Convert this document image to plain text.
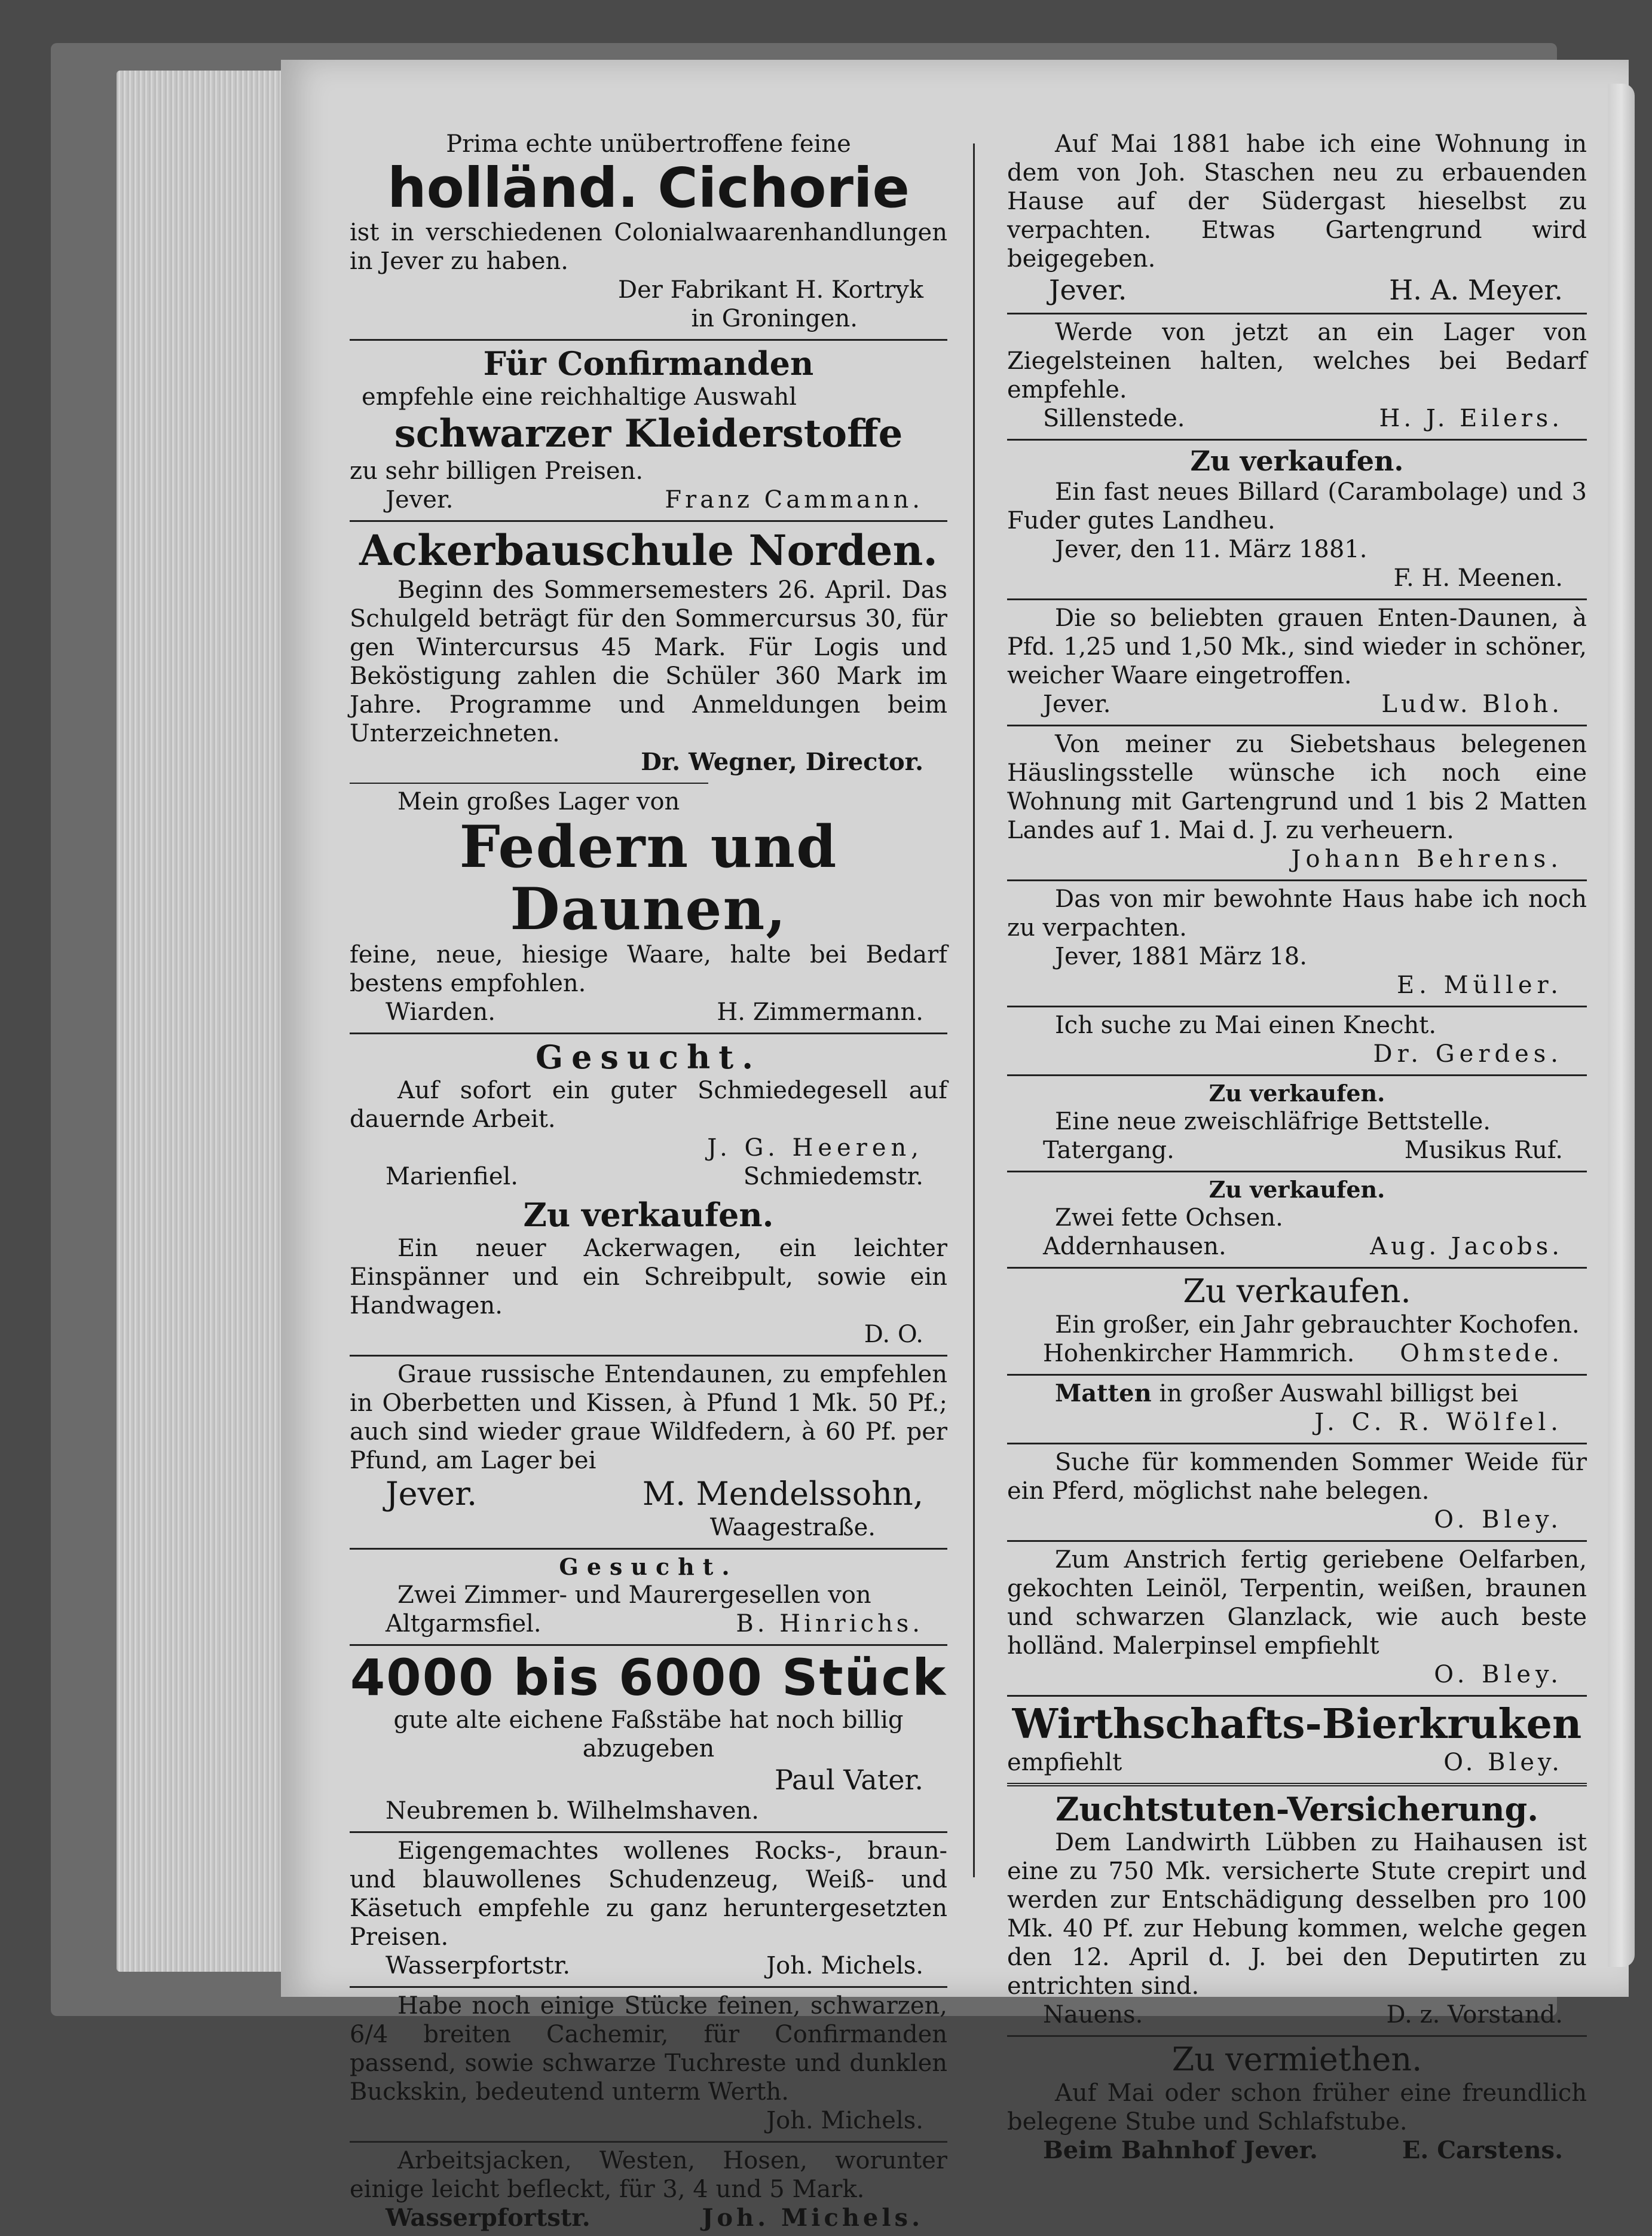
Prima echte unübertroffene feine

holländ. Cichorie

ist in verschiedenen Colonialwaarenhandlungen in Jever zu haben.

Der Fabrikant H. Kortryk

in Groningen.

Für Confirmanden

empfehle eine reichhaltige Auswahl

schwarzer Kleiderstoffe

zu sehr billigen Preisen.

Jever.	Franz Cammann.

Ackerbauschule Norden.

Beginn des Sommersemesters 26. April. Das Schulgeld beträgt für den Sommercursus 30, für gen Wintercursus 45 Mark. Für Logis und Beköstigung zahlen die Schüler 360 Mark im Jahre. Programme und Anmeldungen beim Unterzeichneten.

Dr. Wegner, Director.

Mein großes Lager von

Federn und Daunen,

feine, neue, hiesige Waare, halte bei Bedarf bestens empfohlen.

Wiarden.	H. Zimmermann.

Gesucht.

Auf sofort ein guter Schmiedegesell auf dauernde Arbeit.

J. G. Heeren,

Marienfiel.	Schmiedemstr.

Zu verkaufen.

Ein neuer Ackerwagen, ein leichter Einspänner und ein Schreibpult, sowie ein Handwagen.

D. O.

Graue russische Entendaunen, zu empfehlen in Oberbetten und Kissen, à Pfund 1 Mk. 50 Pf.; auch sind wieder graue Wildfedern, à 60 Pf. per Pfund, am Lager bei

Jever.	M. Mendelssohn,

Waagestraße.

Gesucht.

Zwei Zimmer- und Maurergesellen von

Altgarmsfiel.	B. Hinrichs.

4000 bis 6000 Stück

gute alte eichene Faßstäbe hat noch billig abzugeben

Paul Vater.

Neubremen b. Wilhelmshaven.

Eigengemachtes wollenes Rocks-, braun- und blauwollenes Schudenzeug, Weiß- und Käsetuch empfehle zu ganz heruntergesetzten Preisen.

Wasserpfortstr.	Joh. Michels.

Habe noch einige Stücke feinen, schwarzen, 6/4 breiten Cachemir, für Confirmanden passend, sowie schwarze Tuchreste und dunklen Buckskin, bedeutend unterm Werth.

Joh. Michels.

Arbeitsjacken, Westen, Hosen, worunter einige leicht befleckt, für 3, 4 und 5 Mark.

Wasserpfortstr.	Joh. Michels.

Auf Mai 1881 habe ich eine Wohnung in dem von Joh. Staschen neu zu erbauenden Hause auf der Südergast hieselbst zu verpachten. Etwas Gartengrund wird beigegeben.

Jever.	H. A. Meyer.

Werde von jetzt an ein Lager von Ziegelsteinen halten, welches bei Bedarf empfehle.

Sillenstede.	H. J. Eilers.

Zu verkaufen.

Ein fast neues Billard (Carambolage) und 3 Fuder gutes Landheu.

Jever, den 11. März 1881.

F. H. Meenen.

Die so beliebten grauen Enten-Daunen, à Pfd. 1,25 und 1,50 Mk., sind wieder in schöner, weicher Waare eingetroffen.

Jever.	Ludw. Bloh.

Von meiner zu Siebetshaus belegenen Häuslingsstelle wünsche ich noch eine Wohnung mit Gartengrund und 1 bis 2 Matten Landes auf 1. Mai d. J. zu verheuern.

Johann Behrens.

Das von mir bewohnte Haus habe ich noch zu verpachten.

Jever, 1881 März 18.

E. Müller.

Ich suche zu Mai einen Knecht.

Dr. Gerdes.

Zu verkaufen.

Eine neue zweischläfrige Bettstelle.

Tatergang.	Musikus Ruf.

Zu verkaufen.

Zwei fette Ochsen.

Addernhausen.	Aug. Jacobs.

Zu verkaufen.

Ein großer, ein Jahr gebrauchter Kochofen.

Hohenkircher Hammrich. Ohmstede.

Matten in großer Auswahl billigst bei

J. C. R. Wölfel.

Suche für kommenden Sommer Weide für ein Pferd, möglichst nahe belegen.

O. Bley.

Zum Anstrich fertig geriebene Oelfarben, gekochten Leinöl, Terpentin, weißen, braunen und schwarzen Glanzlack, wie auch beste holländ. Malerpinsel empfiehlt

O. Bley.

Wirthschafts-Bierkruken

empfiehlt	O. Bley.

Zuchtstuten-Versicherung.

Dem Landwirth Lübben zu Haihausen ist eine zu 750 Mk. versicherte Stute crepirt und werden zur Entschädigung desselben pro 100 Mk. 40 Pf. zur Hebung kommen, welche gegen den 12. April d. J. bei den Deputirten zu entrichten sind.

Nauens.	D. z. Vorstand.

Zu vermiethen.

Auf Mai oder schon früher eine freundlich belegene Stube und Schlafstube.

Beim Bahnhof Jever.	E. Carstens.
